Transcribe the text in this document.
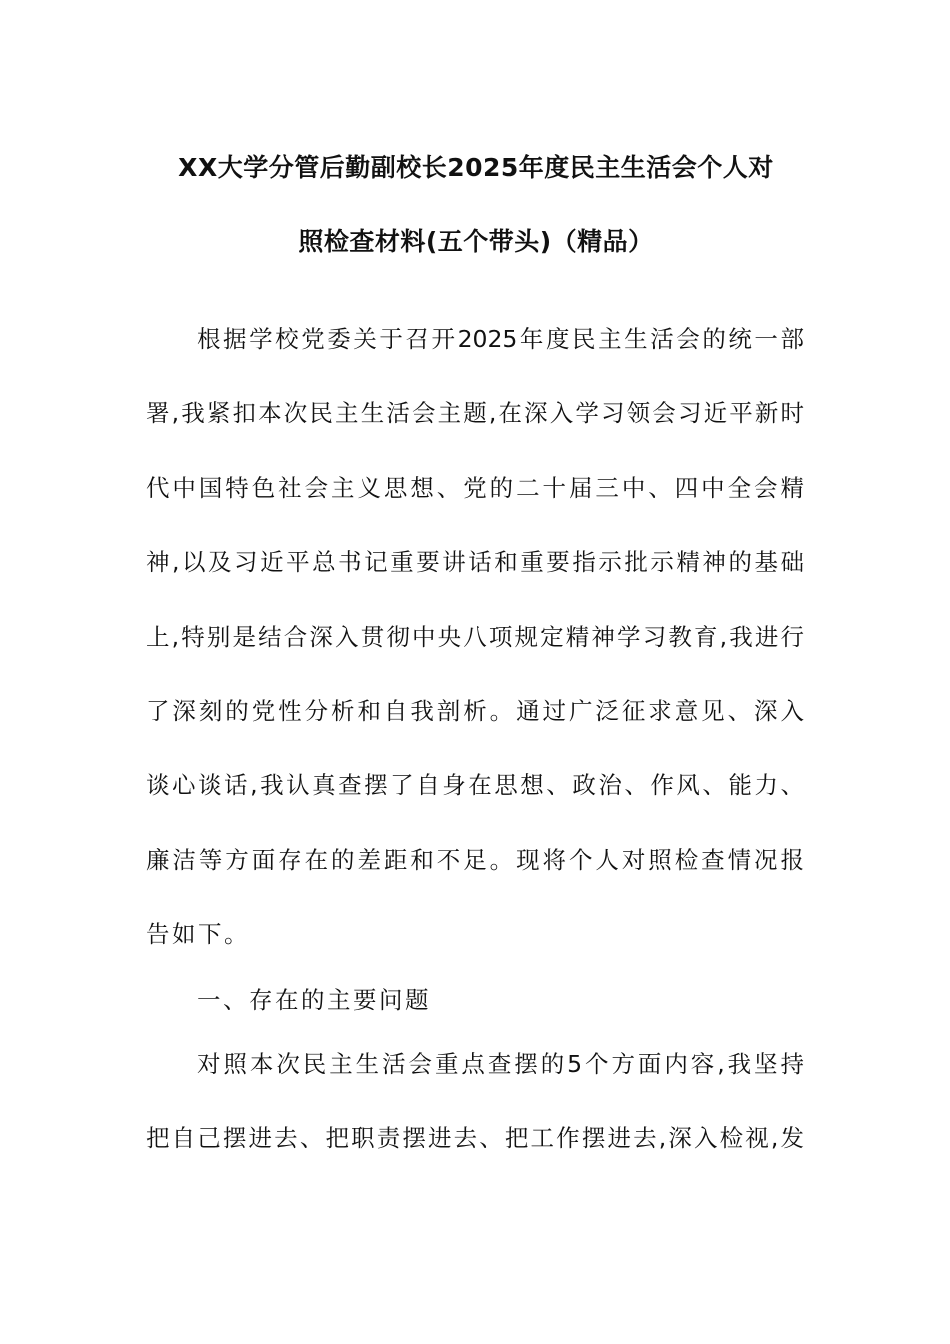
XX大学分管后勤副校长2025年度民主生活会个人对
照检查材料(五个带头)（精品）
根据学校党委关于召开2025年度民主生活会的统一部
署,我紧扣本次民主生活会主题,在深入学习领会习近平新时
代中国特色社会主义思想、党的二十届三中、四中全会精
神,以及习近平总书记重要讲话和重要指示批示精神的基础
上,特别是结合深入贯彻中央八项规定精神学习教育,我进行
了深刻的党性分析和自我剖析。通过广泛征求意见、深入
谈心谈话,我认真查摆了自身在思想、政治、作风、能力、
廉洁等方面存在的差距和不足。现将个人对照检查情况报
告如下。
一、存在的主要问题
对照本次民主生活会重点查摆的5个方面内容,我坚持
把自己摆进去、把职责摆进去、把工作摆进去,深入检视,发
